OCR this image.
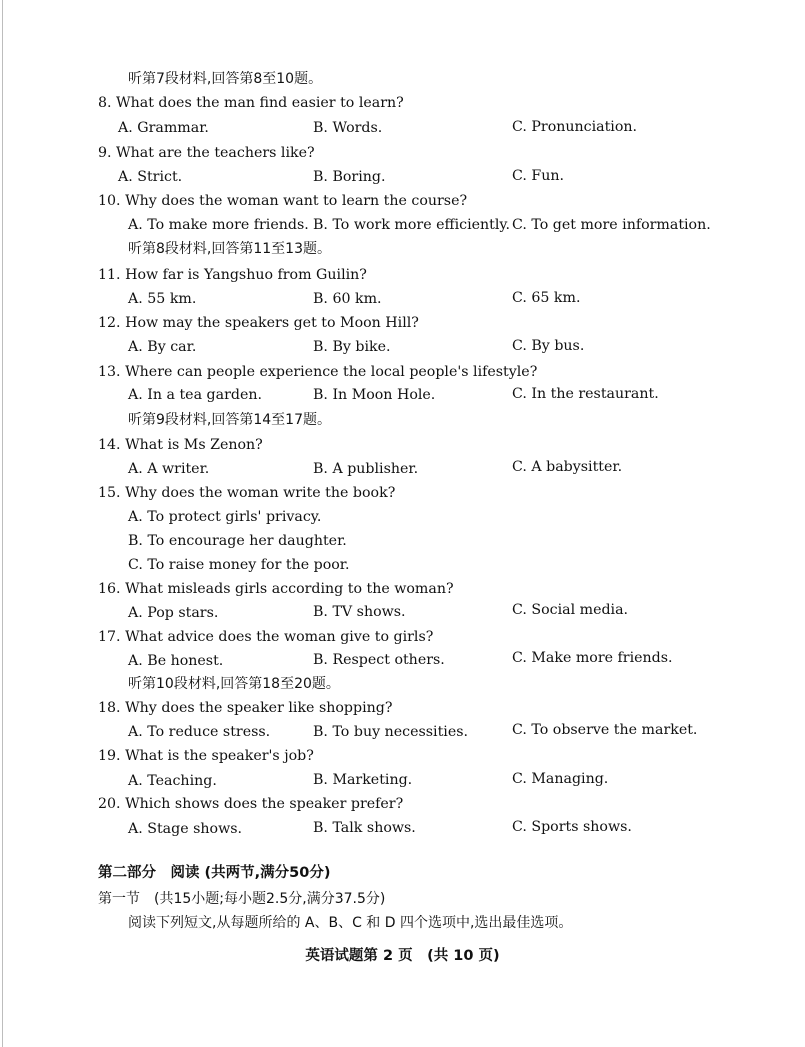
听第7段材料,回答第8至10题。
8. What does the man find easier to learn?
A. Grammar.	B. Words.	C. Pronunciation.
9. What are the teachers like?
A. Strict.	B. Boring.	C. Fun.
10. Why does the woman want to learn the course?
A. To make more friends. B. To work more efficiently. C. To get more information.
听第8段材料,回答第11至13题。
11. How far is Yangshuo from Guilin?
A. 55 km.	B. 60 km.	C. 65 km.
12. How may the speakers get to Moon Hill?
A. By car.	B. By bike.	C. By bus.
13. Where can people experience the local people's lifestyle?
A. In a tea garden.	B. In Moon Hole.	C. In the restaurant.
听第9段材料,回答第14至17题。
14. What is Ms Zenon?
A. A writer.	B. A publisher.	C. A babysitter.
15. Why does the woman write the book?
A. To protect girls' privacy.
B. To encourage her daughter.
C. To raise money for the poor.
16. What misleads girls according to the woman?
A. Pop stars.	B. TV shows.	C. Social media.
17. What advice does the woman give to girls?
A. Be honest.	B. Respect others.	C. Make more friends.
听第10段材料,回答第18至20题。
18. Why does the speaker like shopping?
A. To reduce stress.	B. To buy necessities.	C. To observe the market.
19. What is the speaker's job?
A. Teaching.	B. Marketing.	C. Managing.
20. Which shows does the speaker prefer?
A. Stage shows.	B. Talk shows.	C. Sports shows.
第二部分　阅读 (共两节,满分50分)
第一节　(共15小题;每小题2.5分,满分37.5分)
阅读下列短文,从每题所给的 A、B、C 和 D 四个选项中,选出最佳选项。
英语试题第 2 页　(共 10 页)
